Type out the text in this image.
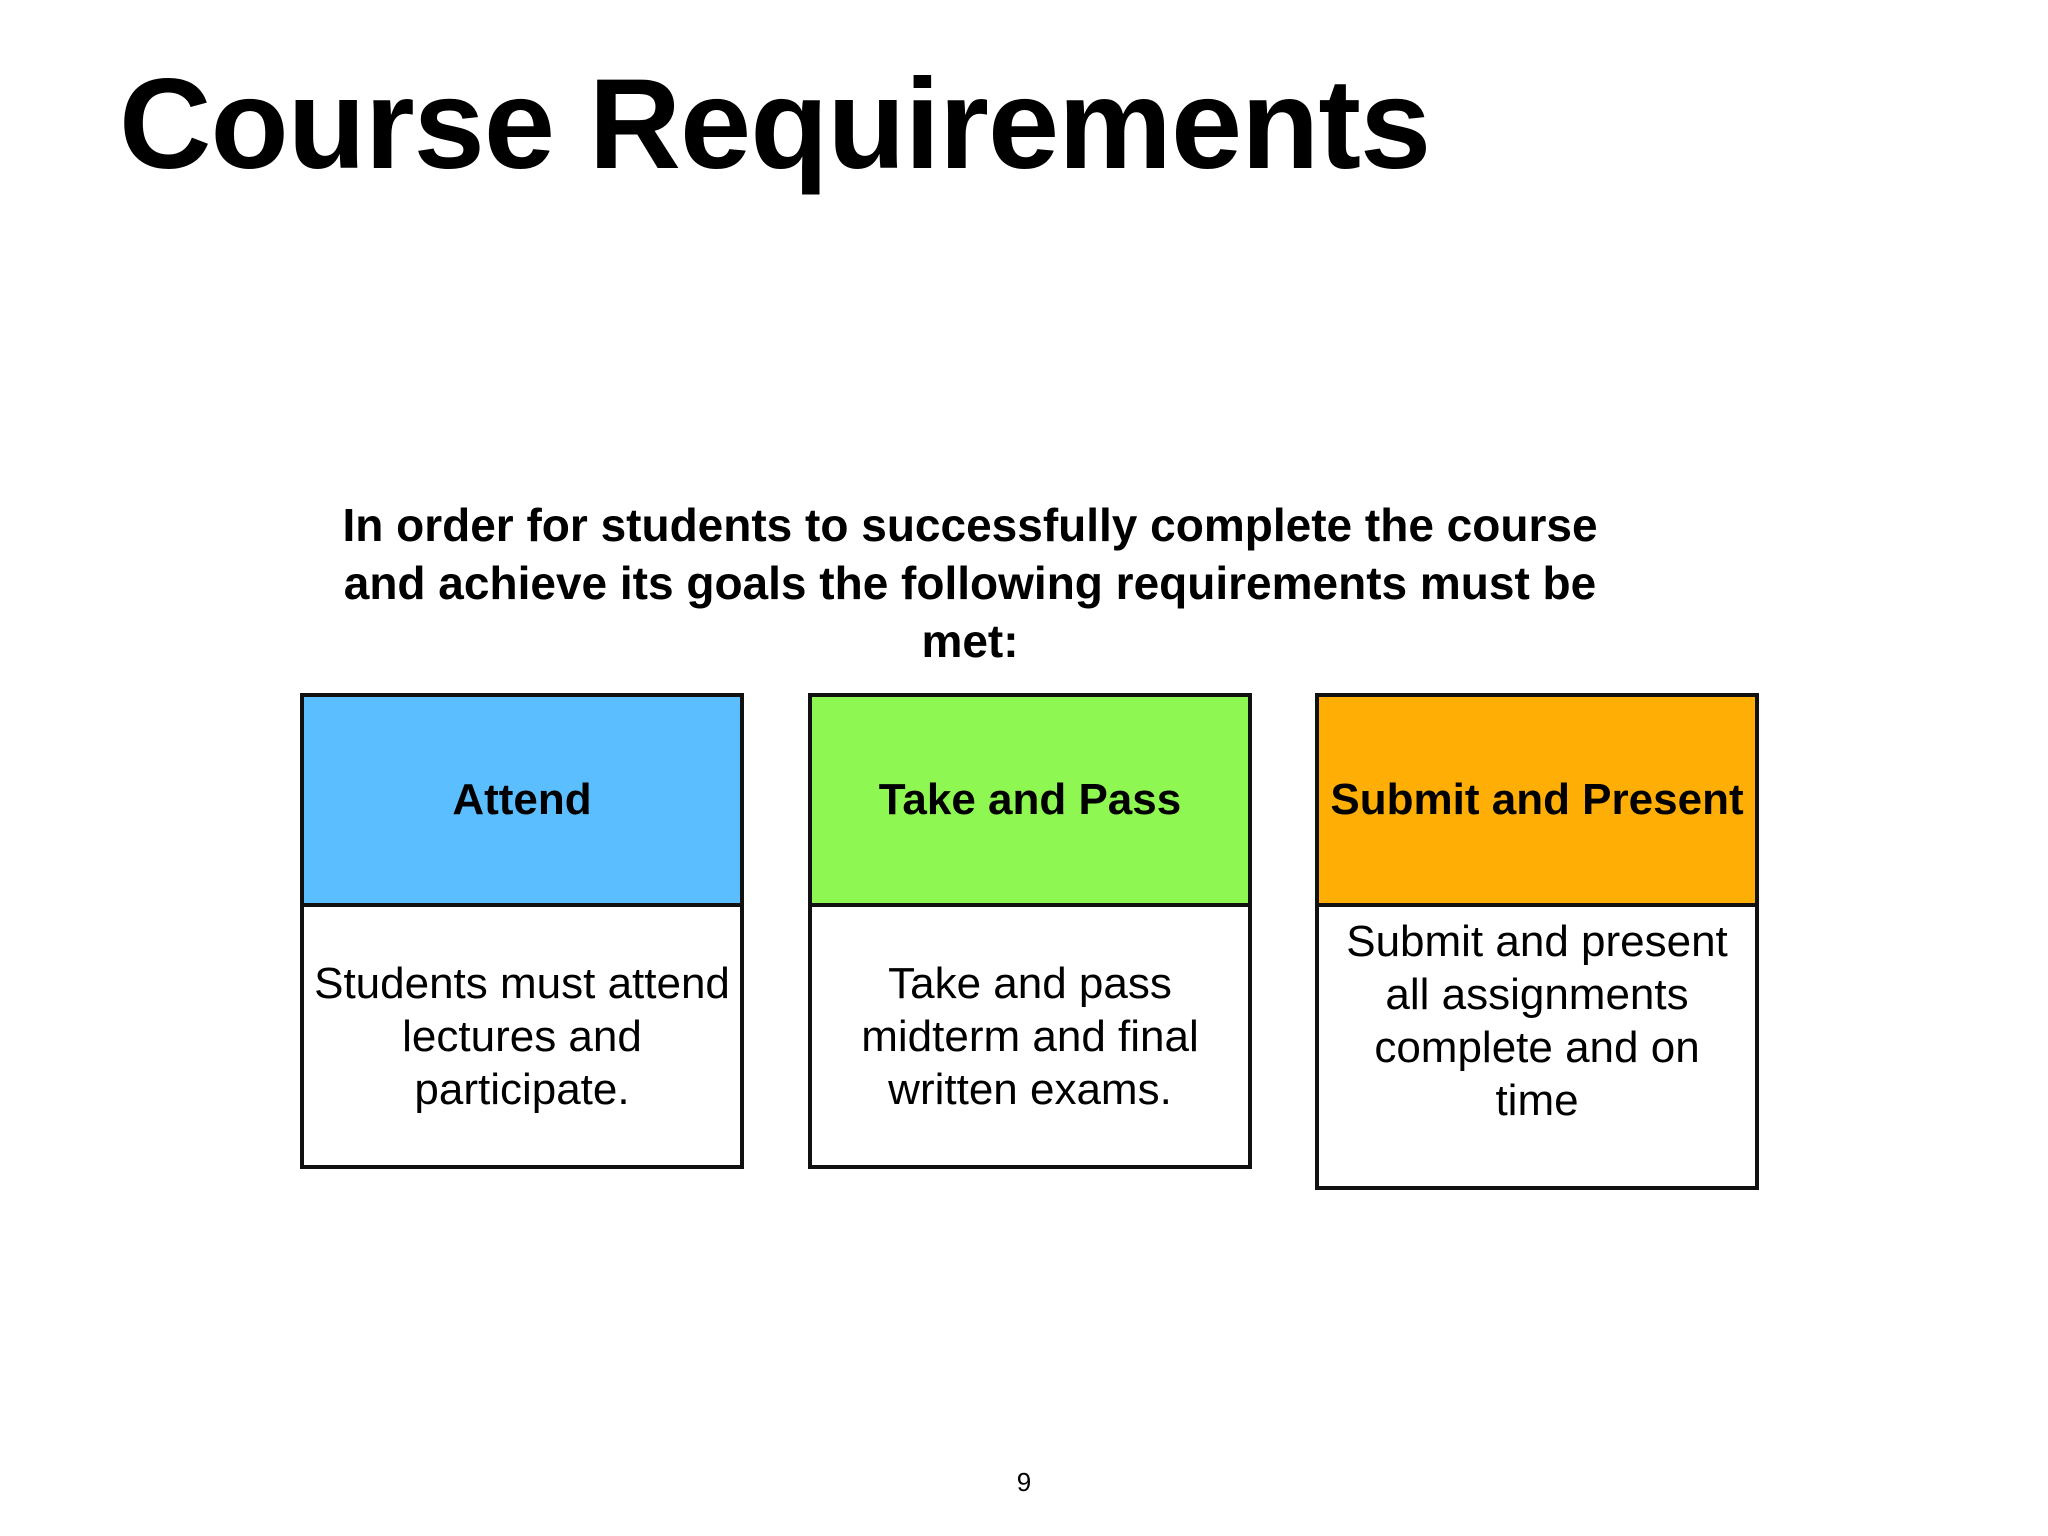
Course Requirements

In order for students to successfully complete the course and achieve its goals the following requirements must be met:

Attend
Students must attend lectures and participate.
Take and Pass
Take and pass midterm and final written exams.
Submit and Present
Submit and present all assignments complete and on time
9
